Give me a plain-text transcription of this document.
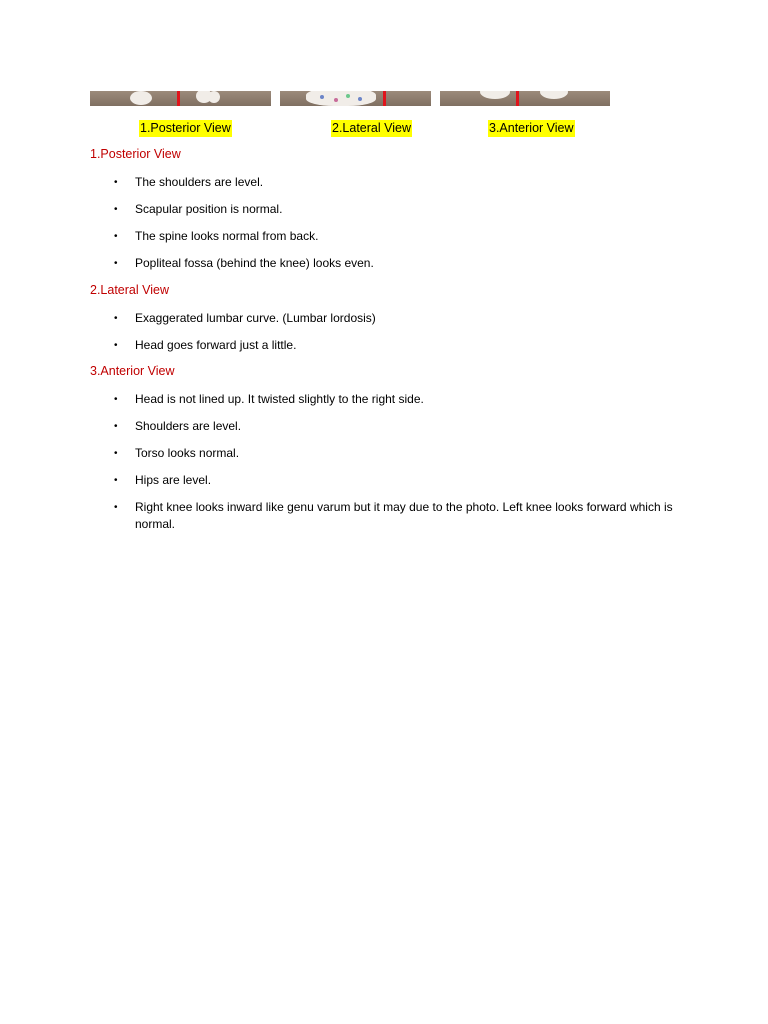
1.Posterior View	2.Lateral View	3.Anterior View
1.Posterior View
• The shoulders are level.
• Scapular position is normal.
• The spine looks normal from back.
• Popliteal fossa (behind the knee) looks even.
2.Lateral View
• Exaggerated lumbar curve. (Lumbar lordosis)
• Head goes forward just a little.
3.Anterior View
• Head is not lined up. It twisted slightly to the right side.
• Shoulders are level.
• Torso looks normal.
• Hips are level.
• Right knee looks inward like genu varum but it may due to the photo. Left knee looks forward which is normal.
